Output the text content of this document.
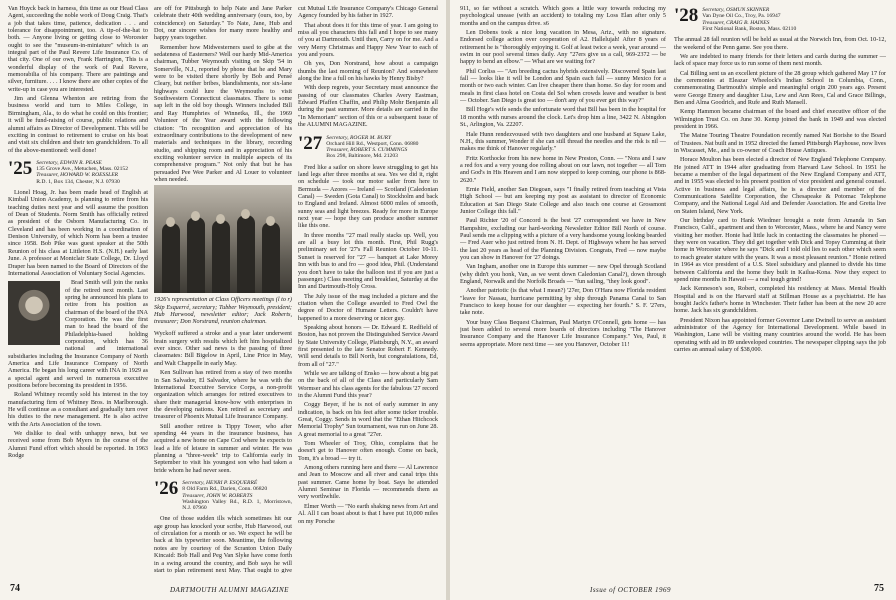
Van Huyck back in harness, this time as our Head Class Agent, succeeding the noble work of Doug Craig. That's a job that takes time, patience, dedication . . . and tolerance for disappointment, too. A tip-of-the-hat to both. — Anyone living or getting close to Worcester ought to see the "museum-in-miniature" which is an integral part of the Paul Revere Life Insurance Co. of that city. One of our own, Frank Harrington, This is a wonderful display of the work of Paul Revere, memorabilia of his company. There are paintings and silver, furniture. . . . I know there are other copies of the write-up in case you are interested.

Jim and Glenna Whenton are retiring from the business world and turn to Miles College, in Birmingham, Ala., to do what he could on this frontier; it will be fund-raising of course, public relations and alumni affairs as Director of Development. This will be exciting in contrast to retirement to cruise on his boat and visit six children and their ten grandchildren. To all of the above-mentioned: well done!

'25 Secretary, EDWIN R. PEASE
135 Grove Ave., Metuchen, Mass. 02152
Treasurer, HOWARD W. ROESSLER
R.D. 1, Box 134, Chester, N.J. 07930

Lionel Hoag, Jr. has been made head of English at Kimball Union Academy, is planning to retire from his teaching duties next year and will assume the position of Dean of Students. Norm Smith has officially retired as president of the Osborn Manufacturing Co. in Cleveland and has been working in a coordination of Denison University, of which Norm has been a trustee since 1958. Bob Pike was guest speaker at the 50th Reunion of his class at Littleton H.S. (N.H.) early last June. A professor at Montclair State College, Dr. Lloyd Draper has been named to the Board of Directors of the International Association of Voluntary Social Agencies.

Brad Smith will join the ranks of the retired next month. Last spring he announced his plans to retire from his position as chairman of the board of the INA Corporation. He was the first man to head the board of the Philadelphia-based holding corporation, which has 36 national and international subsidiaries including the Insurance Company of North America and Life Insurance Company of North America. He began his long career with INA in 1929 as a special agent and served in numerous executive positions before becoming its president in 1956.

Roland Whitney recently sold his interest in the toy manufacturing firm of Whitney Bros. in Marlborough. He will continue as a consultant and gradually turn over his duties to the new management. He is also active with the Arts Association of the town.

We dislike to deal with unhappy news, but we received some from Bob Myers in the course of the Alumni Fund effort which should be reported. In 1963 Rodge

are off for Pittsburgh to help Nate and Jane Parker celebrate their 40th wedding anniversary (ours, too, by coincidence) on Saturday." To Nate, Jane, Hub and Dot, our sincere wishes for many more healthy and happy years together.

Remember how Midwesterners used to gibe at the sedateness of Easterners? Well our hardy Mid-America chairman, Tubber Weymouth visiting on Skip '54 in Somerville, N.J., reported by phone that he and Mary were to be visited there shortly by Bob and Pensé Cleary, but neither bribes, blandishments, nor six-lane highways could lure the Weymouths to visit Southwestern Connecticut classmates. There is some sap left in the old boy though. Winners included Bill and Ray Humphries of Winnetka, Ill., the 1969 Volunteer of the Year award with the following citation: "In recognition and appreciation of his extraordinary contributions to the development of new materials and techniques in the library, recording studio, and shipping room and in appreciation of his exciting volunteer service in multiple aspects of its comprehensive program." Not only that but he has persuaded Pee Wee Parker and Al Louer to volunteer when needed.

1926's representation at Class Officers meetings (l to r) Skip Esquerré, secretary; Tubber Weymouth, president; Hub Harwood, newsletter editor; Jack Roberts, treasurer; Don Norstrand, reunion chairman.

Wyckoff suffered a stroke and a year later underwent brain surgery with results which left him hospitalized ever since. Other sad news is the passing of three classmates: Bill Bigelow in April, Line Price in May, and Walt Chappelle in early May.

Ken Sullivan has retired from a stay of two months in San Salvador, El Salvador, where he was with the International Executive Service Corps, a non-profit organization which arranges for retired executives to share their managerial know-how with enterprises in the developing nations. Ken retired as secretary and treasurer of Phoenix Mutual Life Insurance Company.

Still another retiree is Tippy Tower, who after spending 44 years in the insurance business, has acquired a new home on Cape Cod where he expects to lead a life of leisure in summer and winter. He was planning a "three-week" trip to California early in September to visit his youngest son who had taken a bride whom he had never seen.

'26 Secretary, HENRI P. ESQUERRÉ
8 Old Farm Rd., Darien, Conn. 06820
Treasurer, JOHN W. ROBERTS
Washington Valley Rd., R.D. 1, Morristown, N.J. 07960

One of those sudden ills which sometimes hit our age group has knocked your scribe, Hub Harwood, out of circulation for a month or so. We expect he will be back at his typewriter soon. Meantime, the following notes are by courtesy of the Scranton Union Daily Kincaid: Bob Hall and Peg Van Slyke have come forth in a swing around the country, and Bob says he will start to plan retirement next May. That ought to give

cut Mutual Life Insurance Company's Chicago General Agency founded by his father in 1927.

That about does it for this time of year. I am going to miss all you characters this fall and I hope to see many of you at Dartmouth. Until then, Carry on for me. And a very Merry Christmas and Happy New Year to each of you and yours.

Oh yes, Don Norstrand, how about a campaign thumbs the last morning of Reunion? And somewhere along the line a full on his hawks by Henry Bisby?

With deep regrets, your Secretary must announce the passing of our classmates Charles Avery Eastman, Edward Pfaffen Chaffin, and Philip Mohr Benjamin all during the past summer. More details are carried in the "In Memoriam" section of this or a subsequent issue of the ALUMNI MAGAZINE.

'27 Secretary, ROGER M. BURY
Orchard Hill Rd., Westport, Conn. 06880
Treasurer, ROBERT S. CUMMINGS
Box 298, Baltimore, Md. 21203

Fred like a sailor on shore leave struggling to get his land legs after three months at sea. Yes we did it, right on schedule — took our motor sailer from here to Bermuda — Azores — Ireland — Scotland (Caledonian Canal) — Sweden (Gota Canal) to Stockholm and back to England and Ireland. Almost 6000 miles of smooth, sunny seas and light breezes. Ready for more in Europe next year — hope they can produce another summer like this one.

In three months "27 mail really stacks up. Well, you are all a busy lot this month. First, Phil Rugg's preliminary set for '27's Fall Reunion October 10-11. Sunset is reserved for "27 — banquet at Lake Morey Inn with bus to and fro — good idea, Phil. (Understand you don't have to take the balloon test if you are just a passenger.) Class meeting and breakfast, Saturday at the Inn and Dartmouth-Holy Cross.

The July issue of the mag included a picture and the citation when the College awarded to Fred Owl the degree of Doctor of Humane Letters. Couldn't have happened to a more deserving or nicer guy.

Speaking about honors — Dr. Edward E. Redfield of Boston, has not proven the Distinguished Service Award by State University College, Plattsburgh, N.Y., an award first presented to the late Senator Robert F. Kennedy. Will send details to Bill North, but congratulations, Ed, from all of "27."

While we are talking of Ensko — how about a big pat on the back of all of the Class and particularly Sam Wormser and his class agents for the fabulous '27 record in the Alumni Fund this year?

Coggy Beyer, if he is not of early summer in any indication, is back on his feet after some ticker trouble. Great, Coggy. Sends in word that the "Ethan Hitchcock Memorial Trophy" Sun tournament, was run on June 28. A great memorial to a great "27er.

Tom Wheeler of Troy, Ohio, complains that he doesn't get to Hanover often enough. Come on back, Tom, it's a broad — try it.

Among others running here and there — Al Lawrence and Jean to Moscow and all river and canal trips this past summer. Came home by boat. Says he attended Alumni Seminar in Florida — recommends them as very worthwhile.

Elmer Worth — "No earth shaking news from Art and Al. All I can boast about is that I have put 10,000 miles on my Porsche

74	DARTMOUTH ALUMNI MAGAZINE

911, so far without a scratch. Which goes a little way towards reducing my psychological unease (with an accident) to totaling my Loss Elan after only 5 months and on the campus drive. s6

Len Dobens took a nice long vacation in Mesa, Ariz., with no signature. Endorsed college action over cooperation of A2. Hallelujah! After 8 years of retirement he is "thoroughly enjoying it. Golf at least twice a week, year around — swim in our pool several times daily. Any "27ers give us a call, 969-2372 — be happy to bend an elbow." — What are we waiting for?

Phil Corliss — "Am breeding cactus hybrids extensively. Discovered Spain last fall — looks like it will be London and Spain each fall — sunny Mexico for a month or two each winter. Can live cheaper there than home. So day for room and meals in first class hotel on Costa del Sol when crowds leave and weather is best — October. San Diego is great too — don't any of you ever get this way?"

Bill Hoge's wife sends the unfortunate word that Bill has been in the hospital for 18 months with nurses around the clock. Let's drop him a line, 3422 N. Abingdon St., Arlington, Va. 22207.

Hale Hunn rendezvoused with two daughters and one husband at Squaw Lake, N.H., this summer, Wonder if she can still thread the needles and the risk is nil — makes me think of Hanover regularly."

Fritz Korthocke from his new home in New Preston, Conn. — "Nora and I saw a red fox and a very young doe rolling about on our lawn, not together — all Tom and God's in His Heaven and I am now stepped to keep coming, our phone is 868-2620."

Ernie Field, another San Diegoan, says "I finally retired from teaching at Vista High School — but am keeping my post as assistant to director of Economic Education at San Diego State College and also teach one course at Grossmont Junior College this fall."

Paul Richter '20 of Concord is the best '27 correspondent we have in New Hampshire, excluding our hard-working Newsletter Editor Bill North of course. Paul sends me a clipping with a picture of a very handsome young looking bearded — Fred Auer who just retired from N. H. Dept. of Highways where he has served the last 20 years as head of the Planning Division. Congrats, Fred — now maybe you can show in Hanover for '27 doings.

Van Ingham, another one in Europe this summer — new Opel through Scotland (why didn't you honk, Van, as we went down Caledonian Canal?), down through England, Norwalk and the Norfolk Broads — "fun sailing, "they look good".

Another patriotic (is that what I mean?) '27er, Don O'Hara now Florida resident "leave for Nassau, hurricane permitting by ship through Panama Canal to San Francisco to keep house for our daughter — expecting her fourth." S. F. '27ers, take note.

Your busy Class Bequest Chairman, Paul Martyn O'Connell, gets home — has just been added to several more boards of directors including "The Hanover Insurance Company and the Hanover Life Insurance Company." Yes, Paul, it seems appropriate. More next time — see you Hanover, October 11!

'28 Secretary, OSMUN SKINNER
Van Dyne Oil Co., Troy, Pa. 16947
Treasurer, CRAIG B. HAINES
First National Bank, Boston, Mass. 02110

The annual 28 fall reunion will be held as usual at the Norwich Inn, from Oct. 10-12, the weekend of the Penn game. See you there.

We are indebted to many friends for their letters and cards during the summer — lack of space may force us to run some of them next month.

Cal Billing sent us an excellent picture of the 28 group which gathered May 17 for the ceremonies at Eleazar Wheelock's Indian School in Columbia, Conn., commemorating Dartmouth's simple and meaningful origin 200 years ago. Present were George Emery and daughter Lisa, Lew and Ann Rees, Cal and Grace Billings, Ben and Alma Goodrich, and Rufe and Ruth Mansell.

Kemp Hammon became chairman of the board and chief executive officer of the Wilmington Trust Co. on June 30. Kemp joined the bank in 1949 and was elected president in 1966.

The Maine Touring Theatre Foundation recently named Nat Borishe to the Board of Trustees. Nat built and in 1952 directed the famed Pittsburgh Playhouse, now lives in Wiscasset, Me., and is co-owner of Coach House Antiques.

Horace Moulton has been elected a director of New England Telephone Company. He joined ATT in 1944 after graduating from Harvard Law School. In 1951 he became a member of the legal department of the New England Company and ATT, and in 1955 was elected to his present position of vice president and general counsel. Active in business and legal affairs, he is a director and member of the Communications Satellite Corporation, the Chesapeake & Potomac Telephone Company, and the National Legal Aid and Defender Association. He and Gretta live on Staten Island, New York.

Our birthday card to Hank Wiedmer brought a note from Amanda in San Francisco, Calif., apartment and then to Worcester, Mass., where he and Nancy were visiting her mother. Honie had little luck in contacting the classmates he phoned — they were on vacation. They did get together with Dick and Topsy Cumming at their home in Worcester where he says "Dick and I told old lies to each other which seem to reach greater stature with the years. It was a most pleasant reunion." Honie retired in 1964 as vice president of a U.S. Steel subsidiary and planned to divide his time between California and the home they built in Kailua-Kona. Now they expect to spend nine months in Hawaii — a real tough grind!

Jack Kenneson's son, Robert, completed his residency at Mass. Mental Health Hospital and is on the Harvard staff at Stillman House as a psychiatrist. He has bought Jack's father's home in Winchester. Their father has been at the new 20 acre home. Jack has six grandchildren.

President Nixon has appointed former Governor Lane Dwinell to serve as assistant administrator of the Agency for International Development. While based in Washington, Lane will be visiting many countries around the world. He has been operating with aid in 89 undeveloped countries. The newspaper clipping says the job carries an annual salary of $38,000.

Issue of OCTOBER 1969	75
